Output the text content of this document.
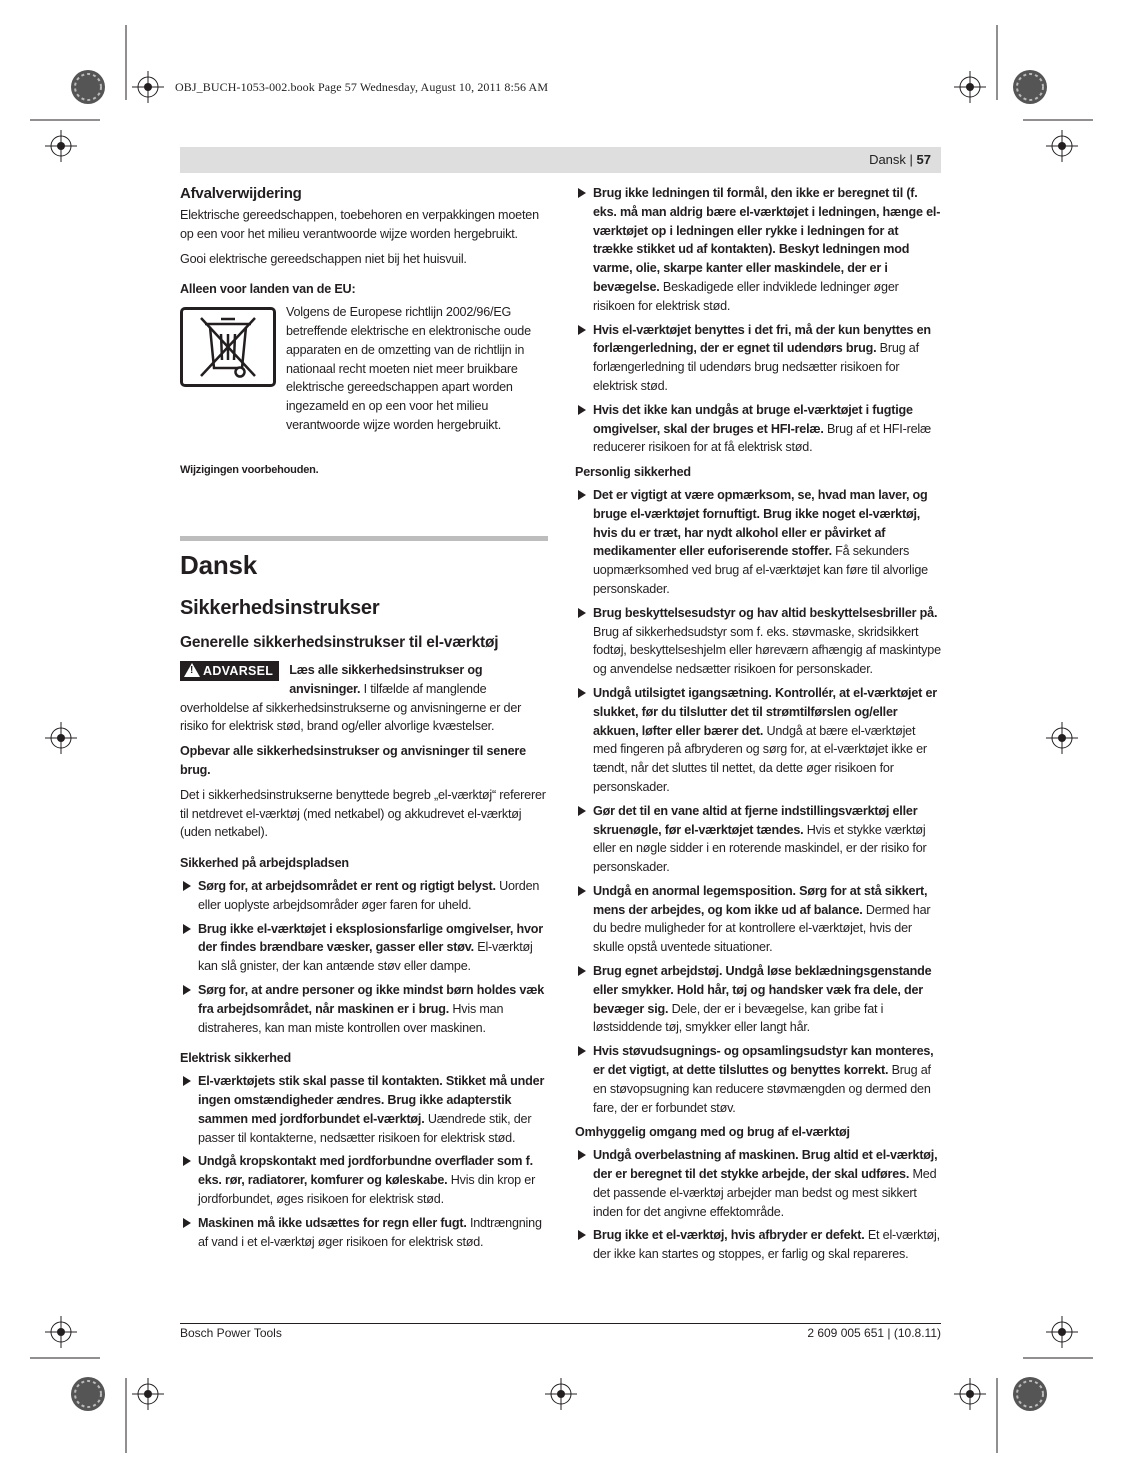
OBJ_BUCH-1053-002.book Page 57 Wednesday, August 10, 2011 8:56 AM
Dansk | 57
Afvalverwijdering

Elektrische gereedschappen, toebehoren en verpakkingen moeten op een voor het milieu verantwoorde wijze worden hergebruikt.

Gooi elektrische gereedschappen niet bij het huisvuil.

Alleen voor landen van de EU:
Volgens de Europese richtlijn 2002/96/EG betreffende elektrische en elektronische oude apparaten en de omzetting van de richtlijn in nationaal recht moeten niet meer bruikbare elektrische gereedschappen apart worden ingezameld en op een voor het milieu verantwoorde wijze worden hergebruikt.
Wijzigingen voorbehouden.
Dansk
Sikkerhedsinstrukser
Generelle sikkerhedsinstrukser til el-værktøj
! ADVARSEL	Læs alle sikkerhedsinstrukser og anvisninger. I tilfælde af manglende overholdelse af sikkerhedsinstrukserne og anvisningerne er der risiko for elektrisk stød, brand og/eller alvorlige kvæstelser.

Opbevar alle sikkerhedsinstrukser og anvisninger til senere brug.

Det i sikkerhedsinstrukserne benyttede begreb „el-værktøj“ refererer til netdrevet el-værktøj (med netkabel) og akkudrevet el-værktøj (uden netkabel).

Sikkerhed på arbejdspladsen
Sørg for, at arbejdsområdet er rent og rigtigt belyst. Uorden eller uoplyste arbejdsområder øger faren for uheld.
Brug ikke el-værktøjet i eksplosionsfarlige omgivelser, hvor der findes brændbare væsker, gasser eller støv. El-værktøj kan slå gnister, der kan antænde støv eller dampe.
Sørg for, at andre personer og ikke mindst børn holdes væk fra arbejdsområdet, når maskinen er i brug. Hvis man distraheres, kan man miste kontrollen over maskinen.
Elektrisk sikkerhed
El-værktøjets stik skal passe til kontakten. Stikket må under ingen omstændigheder ændres. Brug ikke adapterstik sammen med jordforbundet el-værktøj. Uændrede stik, der passer til kontakterne, nedsætter risikoen for elektrisk stød.
Undgå kropskontakt med jordforbundne overflader som f. eks. rør, radiatorer, komfurer og køleskabe. Hvis din krop er jordforbundet, øges risikoen for elektrisk stød.
Maskinen må ikke udsættes for regn eller fugt. Indtrængning af vand i et el-værktøj øger risikoen for elektrisk stød.
Brug ikke ledningen til formål, den ikke er beregnet til (f. eks. må man aldrig bære el-værktøjet i ledningen, hænge el-værktøjet op i ledningen eller rykke i ledningen for at trække stikket ud af kontakten). Beskyt ledningen mod varme, olie, skarpe kanter eller maskindele, der er i bevægelse. Beskadigede eller indviklede ledninger øger risikoen for elektrisk stød.
Hvis el-værktøjet benyttes i det fri, må der kun benyttes en forlængerledning, der er egnet til udendørs brug. Brug af forlængerledning til udendørs brug nedsætter risikoen for elektrisk stød.
Hvis det ikke kan undgås at bruge el-værktøjet i fugtige omgivelser, skal der bruges et HFI-relæ. Brug af et HFI-relæ reducerer risikoen for at få elektrisk stød.
Personlig sikkerhed
Det er vigtigt at være opmærksom, se, hvad man laver, og bruge el-værktøjet fornuftigt. Brug ikke noget el-værktøj, hvis du er træt, har nydt alkohol eller er påvirket af medikamenter eller euforiserende stoffer. Få sekunders uopmærksomhed ved brug af el-værktøjet kan føre til alvorlige personskader.
Brug beskyttelsesudstyr og hav altid beskyttelsesbriller på. Brug af sikkerhedsudstyr som f. eks. støvmaske, skridsikkert fodtøj, beskyttelseshjelm eller høreværn afhængig af maskintype og anvendelse nedsætter risikoen for personskader.
Undgå utilsigtet igangsætning. Kontrollér, at el-værktøjet er slukket, før du tilslutter det til strømtilførslen og/eller akkuen, løfter eller bærer det. Undgå at bære el-værktøjet med fingeren på afbryderen og sørg for, at el-værktøjet ikke er tændt, når det sluttes til nettet, da dette øger risikoen for personskader.
Gør det til en vane altid at fjerne indstillingsværktøj eller skruenøgle, før el-værktøjet tændes. Hvis et stykke værktøj eller en nøgle sidder i en roterende maskindel, er der risiko for personskader.
Undgå en anormal legemsposition. Sørg for at stå sikkert, mens der arbejdes, og kom ikke ud af balance. Dermed har du bedre muligheder for at kontrollere el-værktøjet, hvis der skulle opstå uventede situationer.
Brug egnet arbejdstøj. Undgå løse beklædningsgenstande eller smykker. Hold hår, tøj og handsker væk fra dele, der bevæger sig. Dele, der er i bevægelse, kan gribe fat i løstsiddende tøj, smykker eller langt hår.
Hvis støvudsugnings- og opsamlingsudstyr kan monteres, er det vigtigt, at dette tilsluttes og benyttes korrekt. Brug af en støvopsugning kan reducere støvmængden og dermed den fare, der er forbundet støv.
Omhyggelig omgang med og brug af el-værktøj
Undgå overbelastning af maskinen. Brug altid et el-værktøj, der er beregnet til det stykke arbejde, der skal udføres. Med det passende el-værktøj arbejder man bedst og mest sikkert inden for det angivne effektområde.
Brug ikke et el-værktøj, hvis afbryder er defekt. Et el-værktøj, der ikke kan startes og stoppes, er farlig og skal repareres.
Bosch Power Tools	2 609 005 651 | (10.8.11)
